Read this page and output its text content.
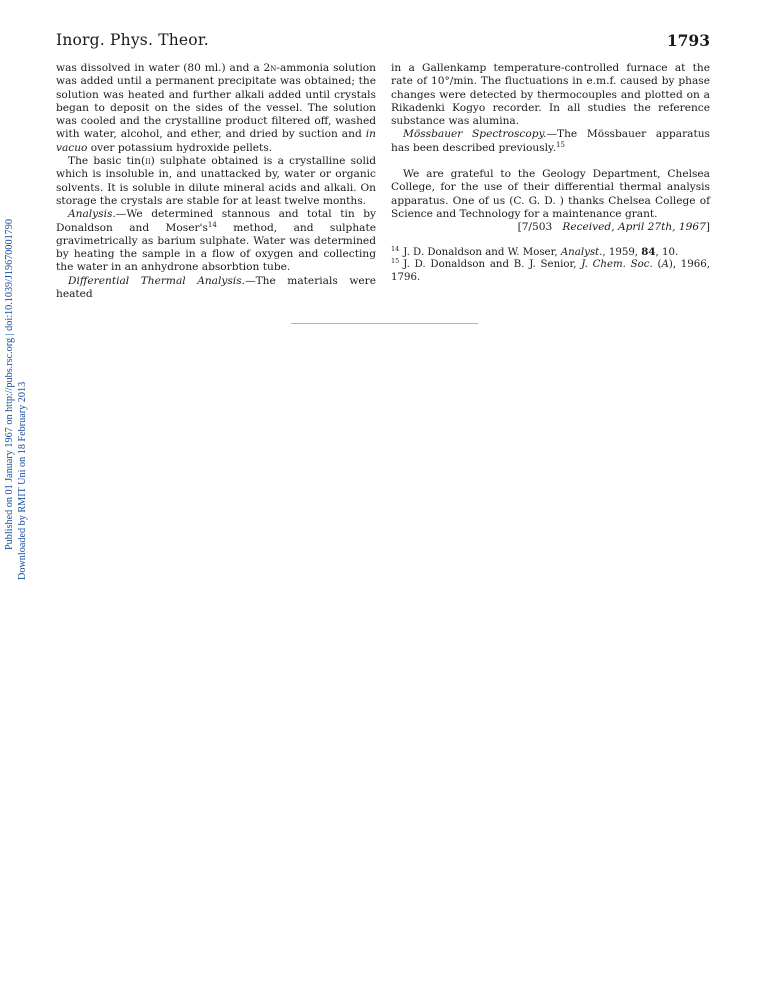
Inorg. Phys. Theor.	1793
Published on 01 January 1967 on http://pubs.rsc.org | doi:10.1039/J19670001790 Downloaded by RMIT Uni on 18 February 2013

was dissolved in water (80 ml.) and a 2n-ammonia solution was added until a permanent precipitate was obtained; the solution was heated and further alkali added until crystals began to deposit on the sides of the vessel. The solution was cooled and the crystalline product filtered off, washed with water, alcohol, and ether, and dried by suction and in vacuo over potassium hydroxide pellets.

The basic tin(ii) sulphate obtained is a crystalline solid which is insoluble in, and unattacked by, water or organic solvents. It is soluble in dilute mineral acids and alkali. On storage the crystals are stable for at least twelve months.

Analysis.—We determined stannous and total tin by Donaldson and $Moser's^{14}$ method, and sulphate gravimetrically as barium sulphate. Water was determined by heating the sample in a flow of oxygen and collecting the water in an anhydrone absorbtion tube.

Differential Thermal Analysis.—The materials were heated

in a Gallenkamp temperature-controlled furnace at the rate of 10°/min. The fluctuations in e.m.f. caused by phase changes were detected by thermocouples and plotted on a Rikadenki Kogyo recorder. In all studies the reference substance was alumina.

Mössbauer Spectroscopy.—The Mössbauer apparatus has been described previously.$^{15}$

We are grateful to the Geology Department, Chelsea College, for the use of their differential thermal analysis apparatus. One of us (C. G. D. ) thanks Chelsea College of Science and Technology for a maintenance grant.

[7/503 Received, April 27th, 1967]

$^{14}$ J. D. Donaldson and W. Moser, Analyst., 1959, 84, 10.
$^{15}$ J. D. Donaldson and B. J. Senior, J. Chem. Soc. (A), 1966, 1796.
